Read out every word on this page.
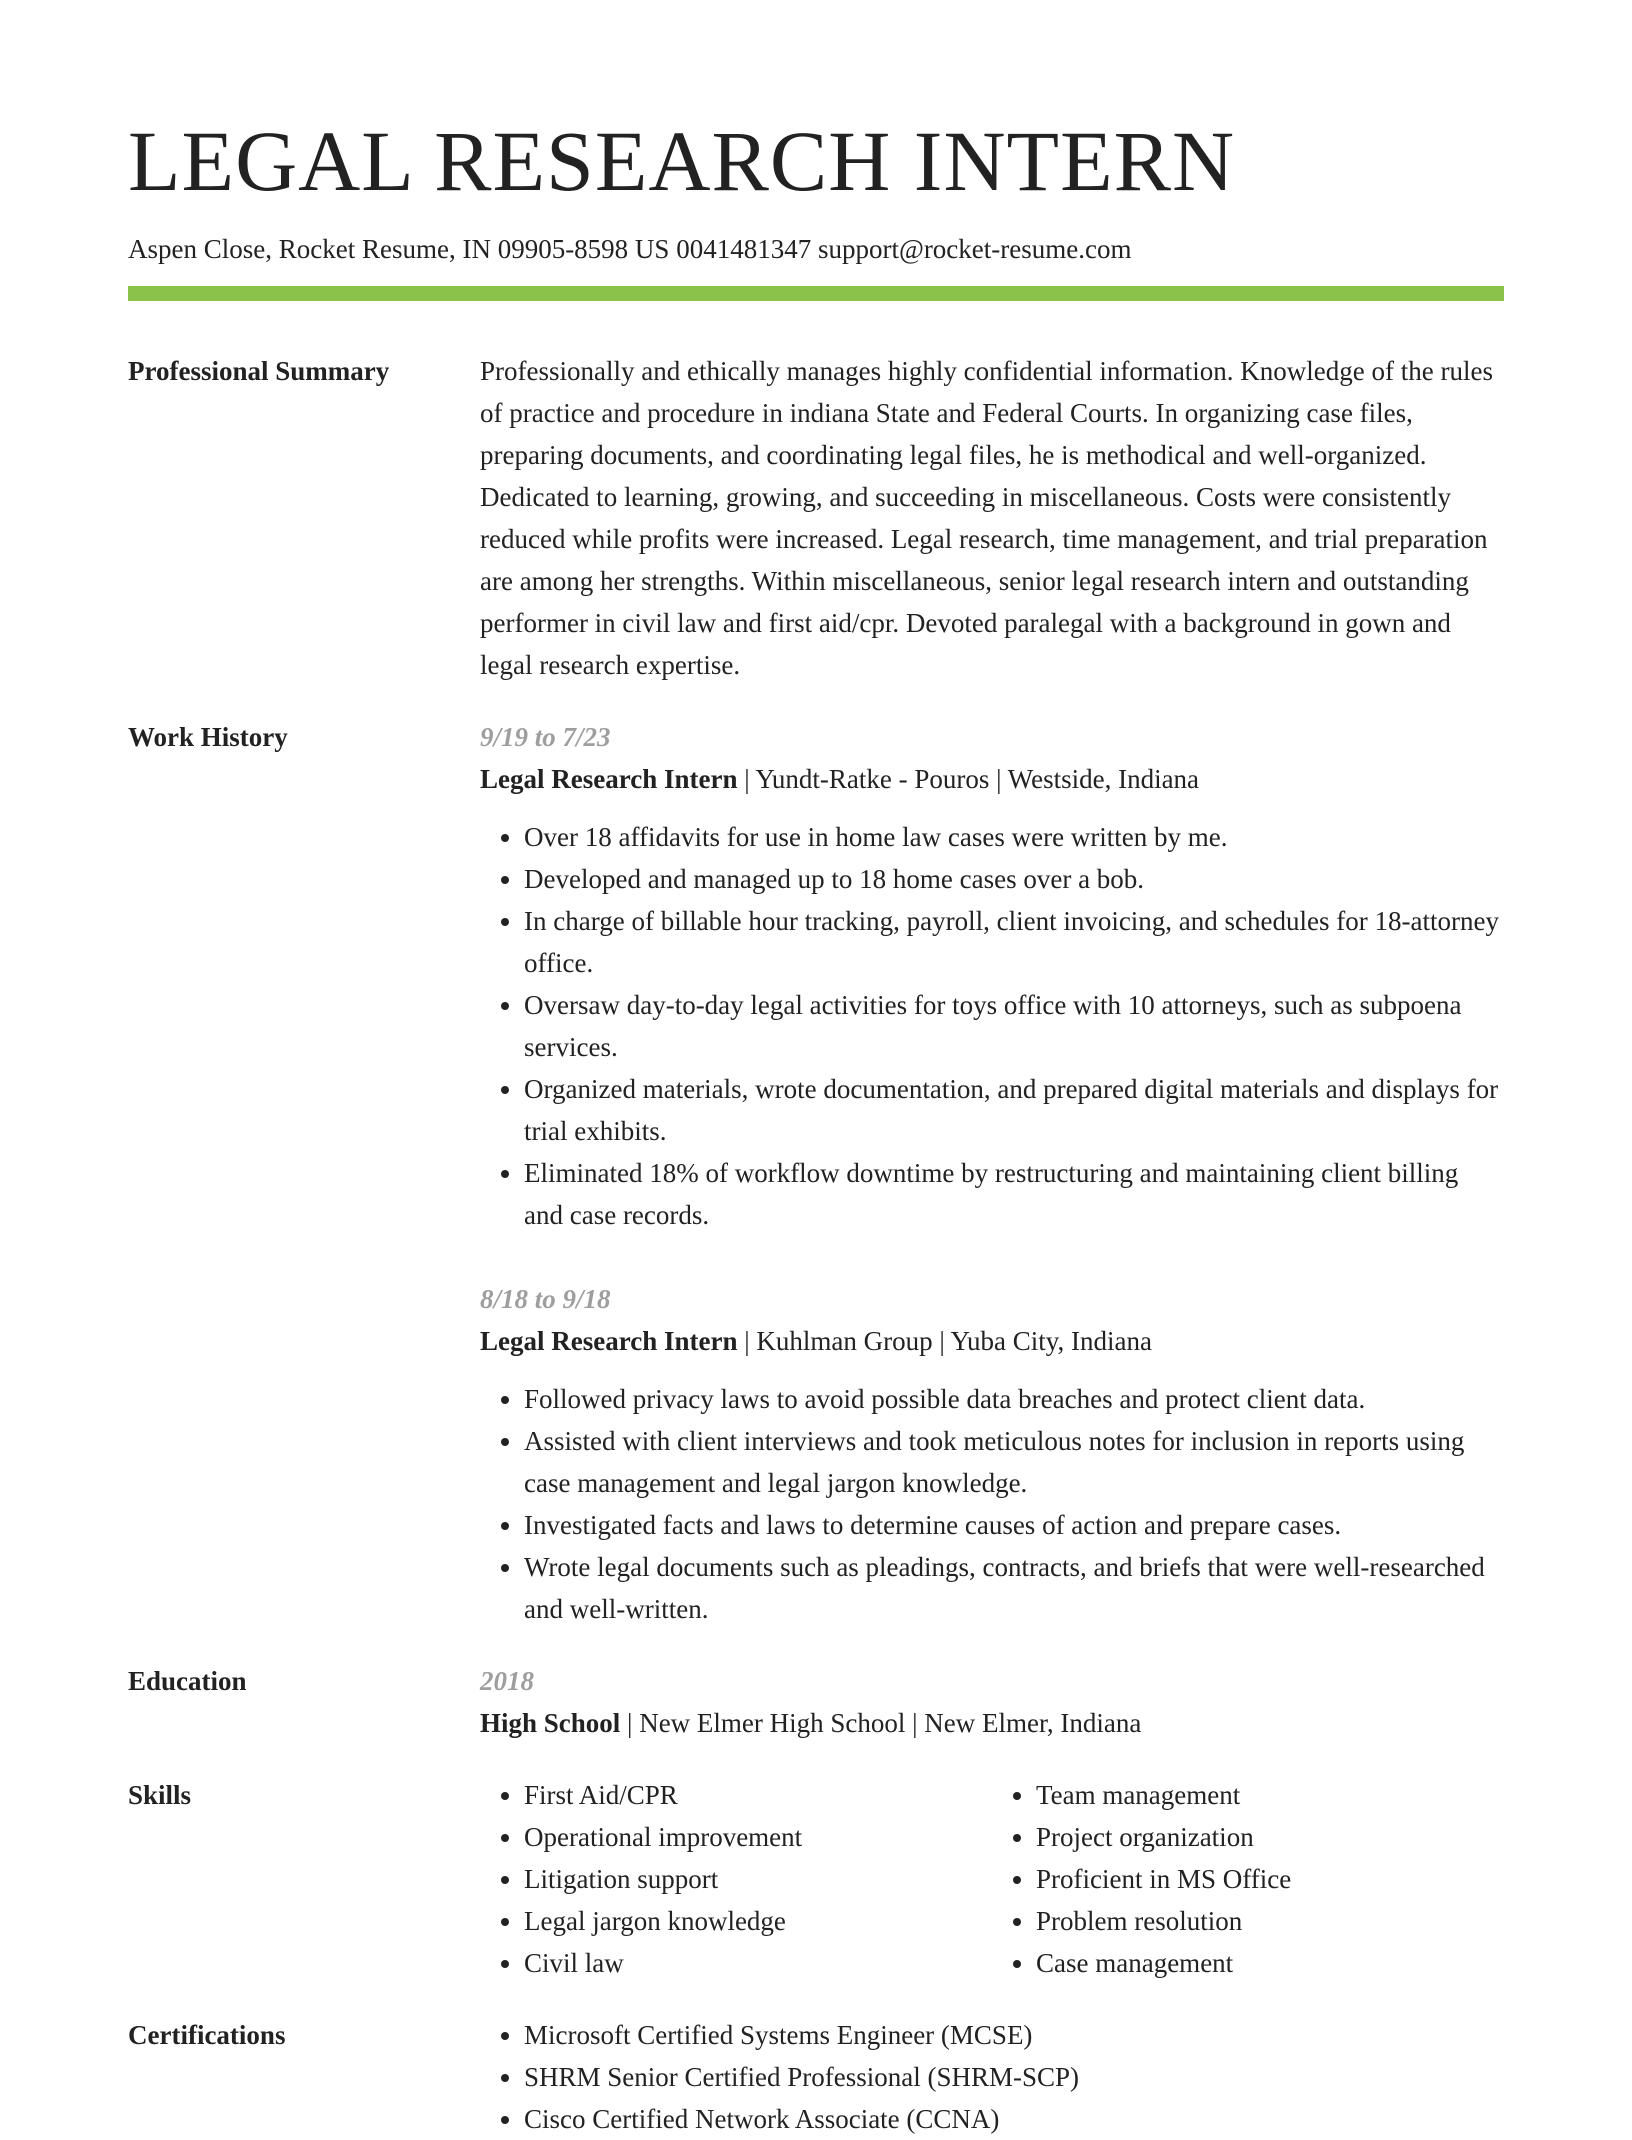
LEGAL RESEARCH INTERN
Aspen Close, Rocket Resume, IN 09905-8598 US 0041481347 support@rocket-resume.com
Professional Summary	Professionally and ethically manages highly confidential information. Knowledge of the rules of practice and procedure in indiana State and Federal Courts. In organizing case files, preparing documents, and coordinating legal files, he is methodical and well-organized. Dedicated to learning, growing, and succeeding in miscellaneous. Costs were consistently reduced while profits were increased. Legal research, time management, and trial preparation are among her strengths. Within miscellaneous, senior legal research intern and outstanding performer in civil law and first aid/cpr. Devoted paralegal with a background in gown and legal research expertise.

Work History	9/19 to 7/23
Legal Research Intern | Yundt-Ratke - Pouros | Westside, Indiana
• Over 18 affidavits for use in home law cases were written by me.
• Developed and managed up to 18 home cases over a bob.
• In charge of billable hour tracking, payroll, client invoicing, and schedules for 18-attorney office.
• Oversaw day-to-day legal activities for toys office with 10 attorneys, such as subpoena services.
• Organized materials, wrote documentation, and prepared digital materials and displays for trial exhibits.
• Eliminated 18% of workflow downtime by restructuring and maintaining client billing and case records.
8/18 to 9/18
Legal Research Intern | Kuhlman Group | Yuba City, Indiana
• Followed privacy laws to avoid possible data breaches and protect client data.
• Assisted with client interviews and took meticulous notes for inclusion in reports using case management and legal jargon knowledge.
• Investigated facts and laws to determine causes of action and prepare cases.
• Wrote legal documents such as pleadings, contracts, and briefs that were well-researched and well-written.
Education	2018
High School | New Elmer High School | New Elmer, Indiana
Skills	• First Aid/CPR
• Operational improvement
• Litigation support
• Legal jargon knowledge
• Civil law
• Team management
• Project organization
• Proficient in MS Office
• Problem resolution
• Case management
Certifications	• Microsoft Certified Systems Engineer (MCSE)
• SHRM Senior Certified Professional (SHRM-SCP)
• Cisco Certified Network Associate (CCNA)
